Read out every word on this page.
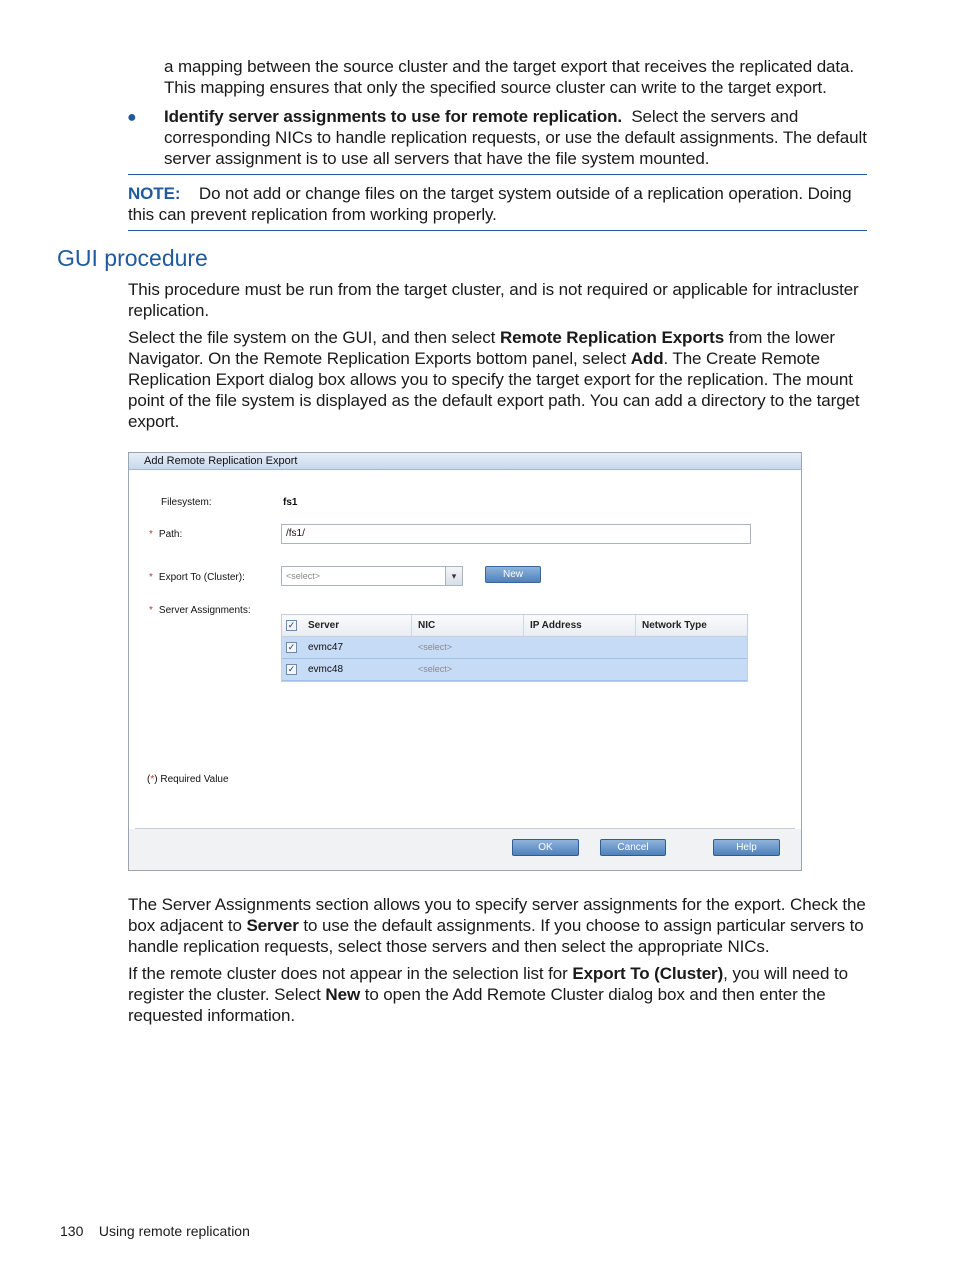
a mapping between the source cluster and the target export that receives the replicated data. This mapping ensures that only the specified source cluster can write to the target export.

● Identify server assignments to use for remote replication. Select the servers and corresponding NICs to handle replication requests, or use the default assignments. The default server assignment is to use all servers that have the file system mounted.

NOTE: Do not add or change files on the target system outside of a replication operation. Doing this can prevent replication from working properly.

GUI procedure

This procedure must be run from the target cluster, and is not required or applicable for intracluster replication.

Select the file system on the GUI, and then select Remote Replication Exports from the lower Navigator. On the Remote Replication Exports bottom panel, select Add. The Create Remote Replication Export dialog box allows you to specify the target export for the replication. The mount point of the file system is displayed as the default export path. You can add a directory to the target export.

Add Remote Replication Export
Filesystem:	fs1
* Path:	/fs1/
* Export To (Cluster):	<select>	▾	New
* Server Assignments:
✓	Server	NIC	IP Address	Network Type
✓ evmc47	<select>
✓ evmc48	<select>
(*) Required Value
OK	Cancel	Help

The Server Assignments section allows you to specify server assignments for the export. Check the box adjacent to Server to use the default assignments. If you choose to assign particular servers to handle replication requests, select those servers and then select the appropriate NICs.

If the remote cluster does not appear in the selection list for Export To (Cluster), you will need to register the cluster. Select New to open the Add Remote Cluster dialog box and then enter the requested information.

130 Using remote replication
